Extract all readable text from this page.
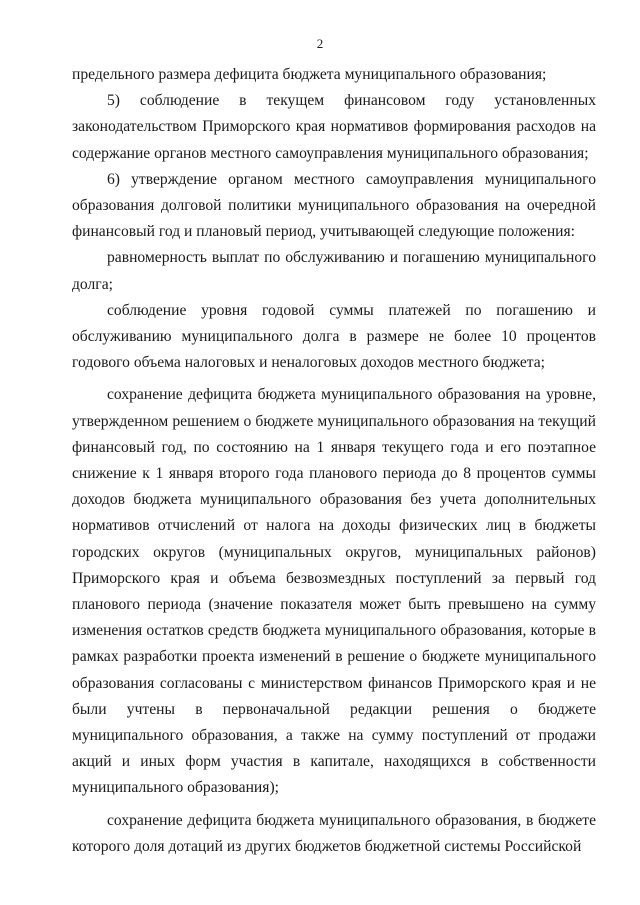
2

предельного размера дефицита бюджета муниципального образования;

5) соблюдение в текущем финансовом году установленных законодательством Приморского края нормативов формирования расходов на содержание органов местного самоуправления муниципального образования;

6) утверждение органом местного самоуправления муниципального образования долговой политики муниципального образования на очередной финансовый год и плановый период, учитывающей следующие положения:

равномерность выплат по обслуживанию и погашению муниципального долга;

соблюдение уровня годовой суммы платежей по погашению и обслуживанию муниципального долга в размере не более 10 процентов годового объема налоговых и неналоговых доходов местного бюджета;

сохранение дефицита бюджета муниципального образования на уровне, утвержденном решением о бюджете муниципального образования на текущий финансовый год, по состоянию на 1 января текущего года и его поэтапное снижение к 1 января второго года планового периода до 8 процентов суммы доходов бюджета муниципального образования без учета дополнительных нормативов отчислений от налога на доходы физических лиц в бюджеты городских округов (муниципальных округов, муниципальных районов) Приморского края и объема безвозмездных поступлений за первый год планового периода (значение показателя может быть превышено на сумму изменения остатков средств бюджета муниципального образования, которые в рамках разработки проекта изменений в решение о бюджете муниципального образования согласованы с министерством финансов Приморского края и не были учтены в первоначальной редакции решения о бюджете муниципального образования, а также на сумму поступлений от продажи акций и иных форм участия в капитале, находящихся в собственности муниципального образования);

сохранение дефицита бюджета муниципального образования, в бюджете которого доля дотаций из других бюджетов бюджетной системы Российской
